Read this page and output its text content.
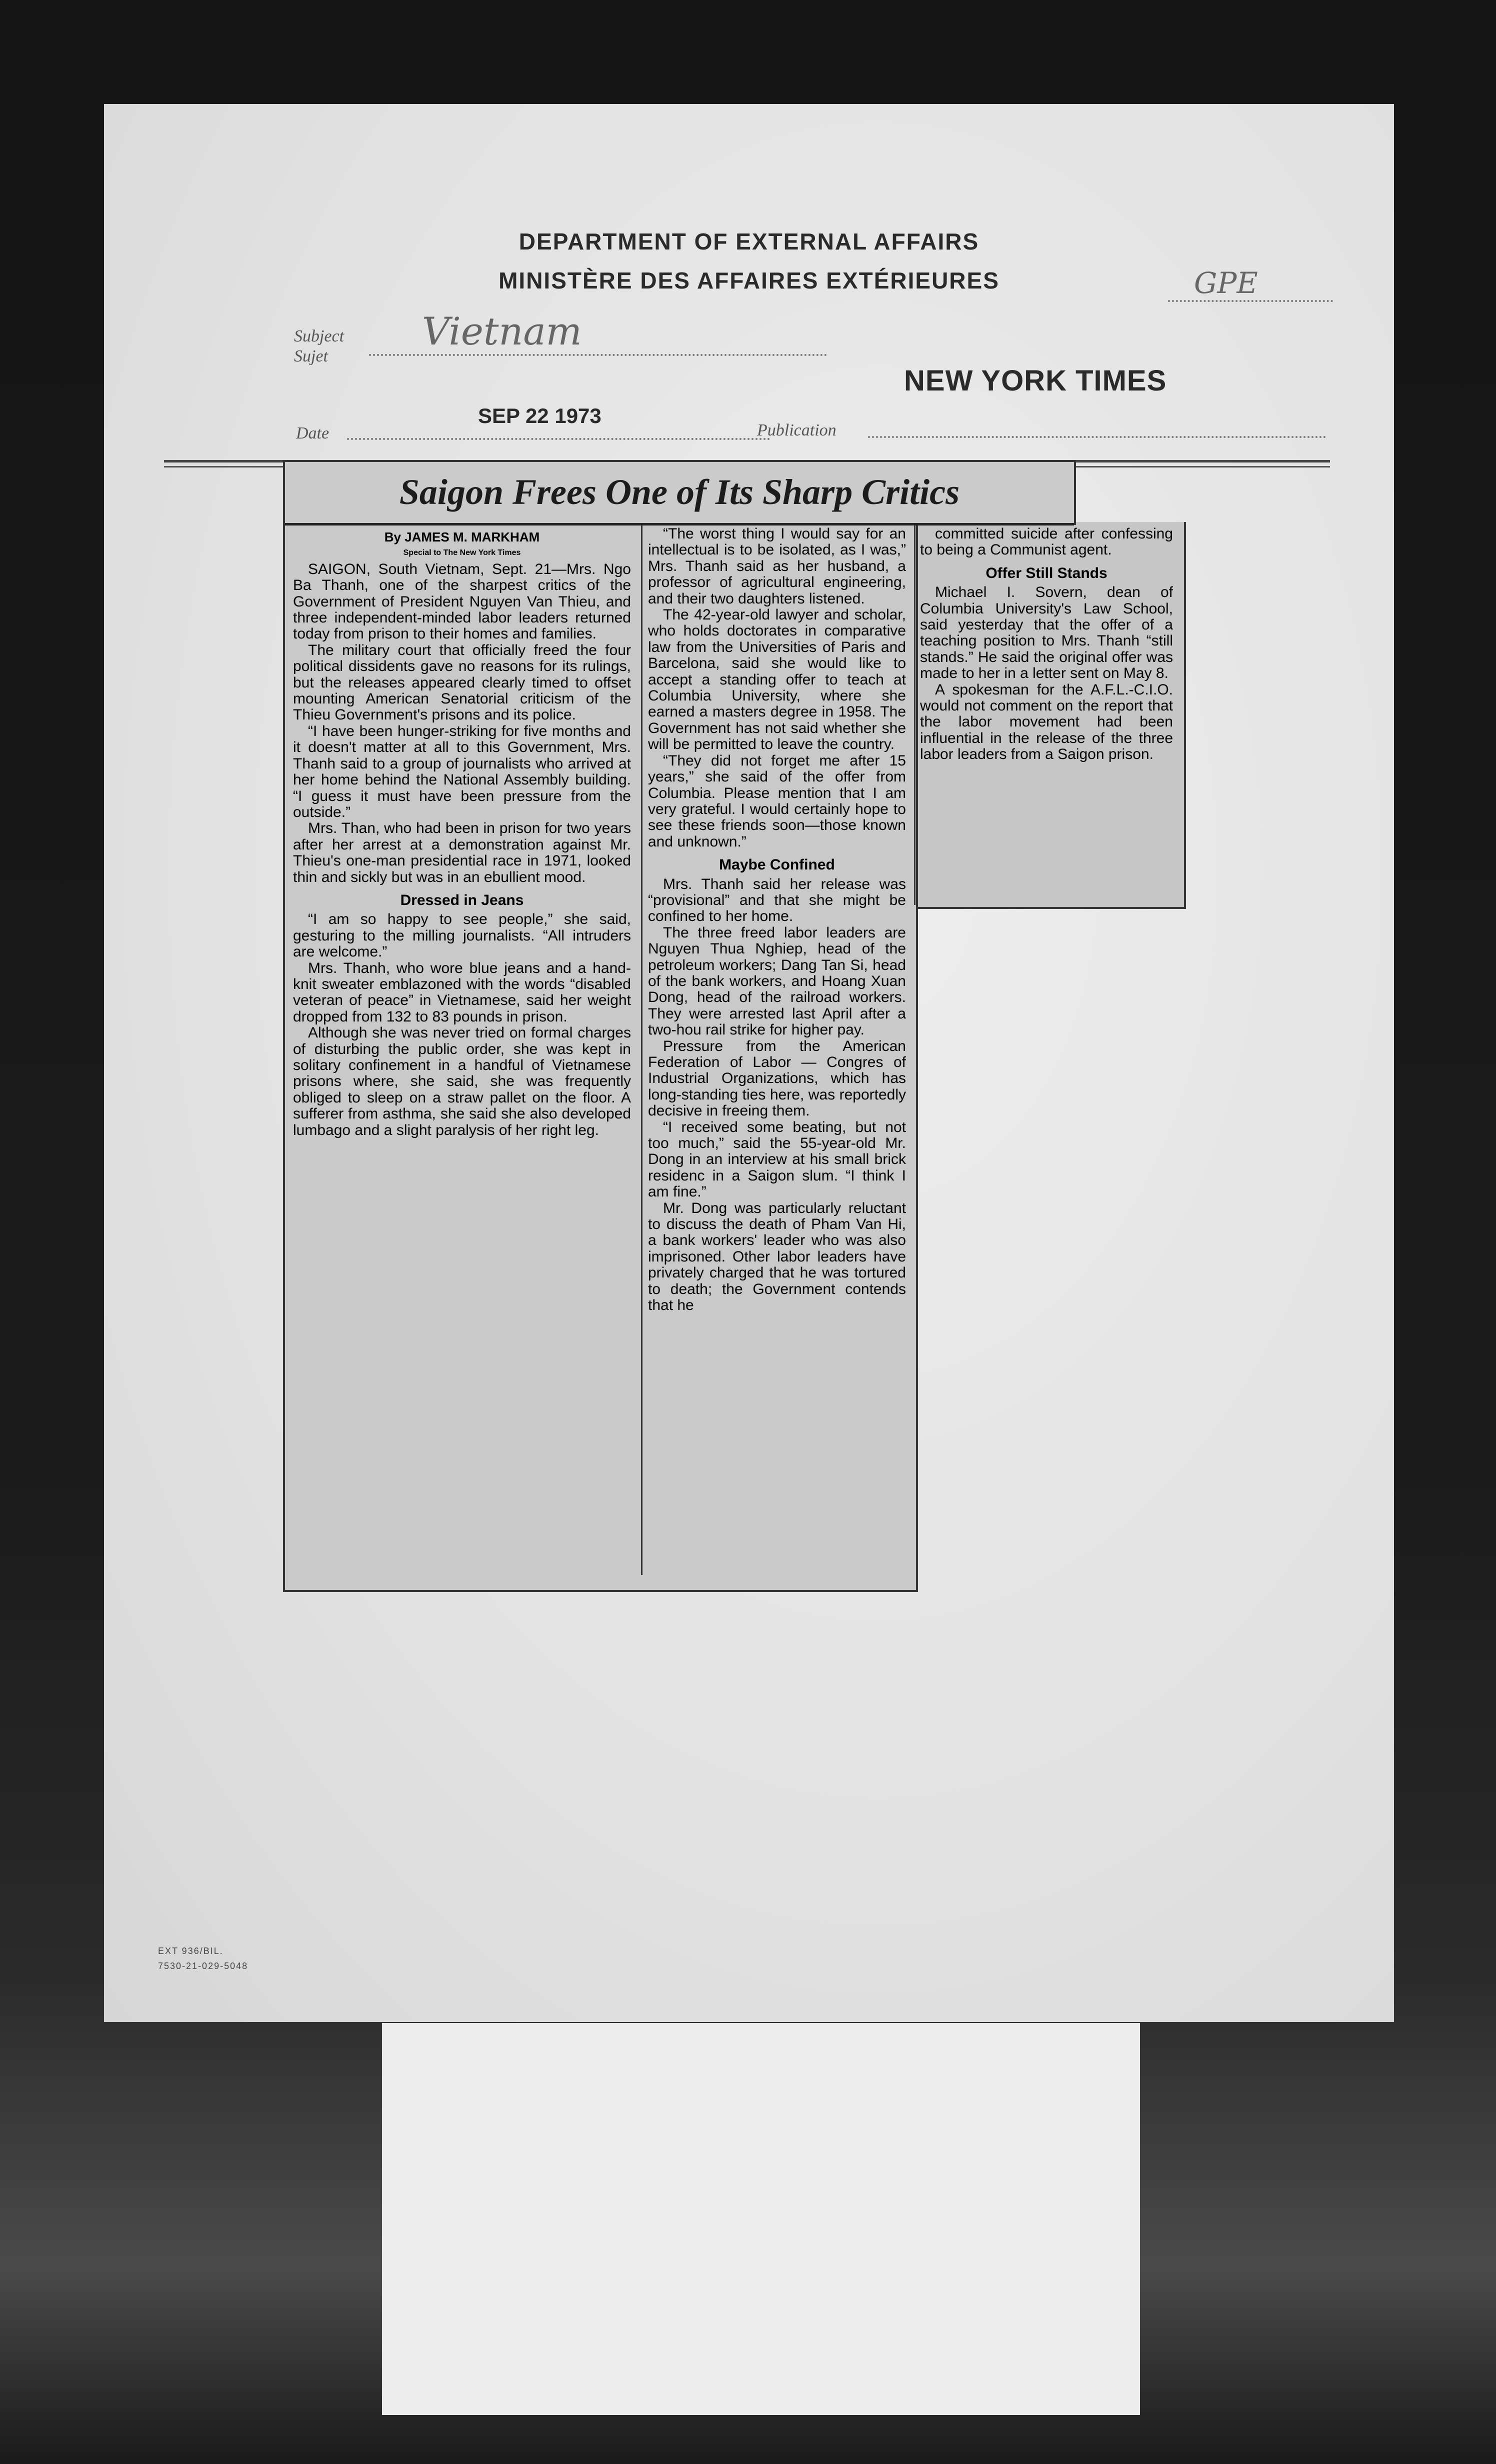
DEPARTMENT OF EXTERNAL AFFAIRS
MINISTÈRE DES AFFAIRES EXTÉRIEURES	GPE
Subject
Sujet
Vietnam
NEW YORK TIMES
Date
SEP 22 1973
Publication
EXT 936/BIL.
7530-21-029-5048
Saigon Frees One of Its Sharp Critics

By JAMES M. MARKHAM

Special to The New York Times

SAIGON, South Vietnam, Sept. 21—Mrs. Ngo Ba Thanh, one of the sharpest critics of the Government of President Nguyen Van Thieu, and three independent-minded labor leaders returned today from prison to their homes and families.

The military court that officially freed the four political dissidents gave no reasons for its rulings, but the releases appeared clearly timed to offset mounting American Senatorial criticism of the Thieu Government's prisons and its police.

“I have been hunger-striking for five months and it doesn't matter at all to this Government, Mrs. Thanh said to a group of journalists who arrived at her home behind the National Assembly building. “I guess it must have been pressure from the outside.”

Mrs. Than, who had been in prison for two years after her arrest at a demonstration against Mr. Thieu's one-man presidential race in 1971, looked thin and sickly but was in an ebullient mood.

Dressed in Jeans

“I am so happy to see people,” she said, gesturing to the milling journalists. “All intruders are welcome.”

Mrs. Thanh, who wore blue jeans and a hand-knit sweater emblazoned with the words “disabled veteran of peace” in Vietnamese, said her weight dropped from 132 to 83 pounds in prison.

Although she was never tried on formal charges of disturbing the public order, she was kept in solitary confinement in a handful of Vietnamese prisons where, she said, she was frequently obliged to sleep on a straw pallet on the floor. A sufferer from asthma, she said she also developed lumbago and a slight paralysis of her right leg.

“The worst thing I would say for an intellectual is to be isolated, as I was,” Mrs. Thanh said as her husband, a professor of agricultural engineering, and their two daughters listened.

The 42-year-old lawyer and scholar, who holds doctorates in comparative law from the Universities of Paris and Barcelona, said she would like to accept a standing offer to teach at Columbia University, where she earned a masters degree in 1958. The Government has not said whether she will be permitted to leave the country.

“They did not forget me after 15 years,” she said of the offer from Columbia. Please mention that I am very grateful. I would certainly hope to see these friends soon—those known and unknown.”

Maybe Confined

Mrs. Thanh said her release was “provisional” and that she might be confined to her home.

The three freed labor leaders are Nguyen Thua Nghiep, head of the petroleum workers; Dang Tan Si, head of the bank workers, and Hoang Xuan Dong, head of the railroad workers. They were arrested last April after a two-hou rail strike for higher pay.

Pressure from the American Federation of Labor — Congres of Industrial Organizations, which has long-standing ties here, was reportedly decisive in freeing them.

“I received some beating, but not too much,” said the 55-year-old Mr. Dong in an interview at his small brick residenc in a Saigon slum. “I think I am fine.”

Mr. Dong was particularly reluctant to discuss the death of Pham Van Hi, a bank workers' leader who was also imprisoned. Other labor leaders have privately charged that he was tortured to death; the Government contends that he

committed suicide after confessing to being a Communist agent.

Offer Still Stands

Michael I. Sovern, dean of Columbia University's Law School, said yesterday that the offer of a teaching position to Mrs. Thanh “still stands.” He said the original offer was made to her in a letter sent on May 8.

A spokesman for the A.F.L.-C.I.O. would not comment on the report that the labor movement had been influential in the release of the three labor leaders from a Saigon prison.
